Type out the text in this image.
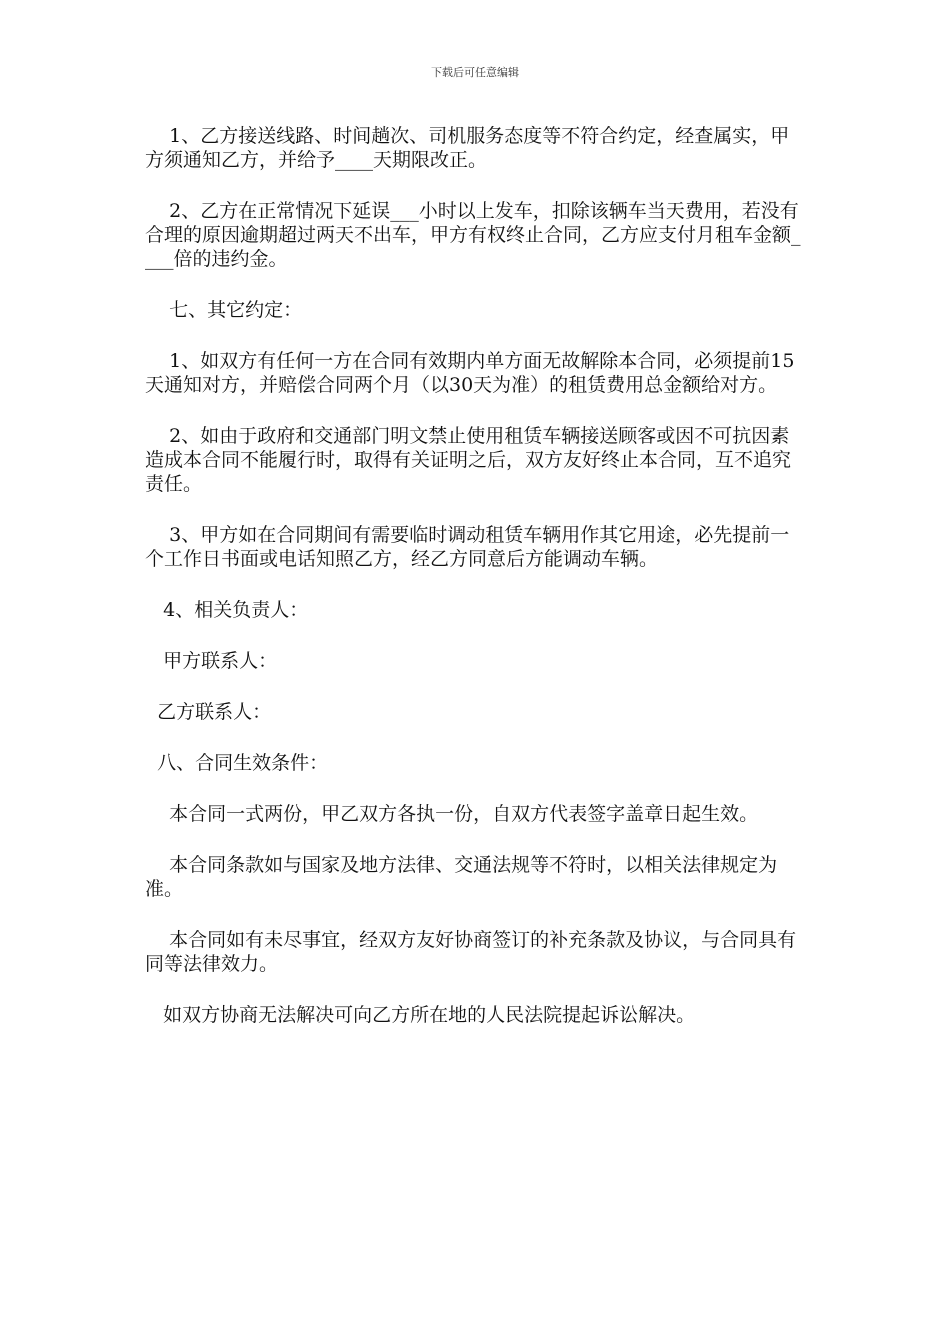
下载后可任意编辑

1、乙方接送线路、时间趟次、司机服务态度等不符合约定，经查属实，甲方须通知乙方，并给予____天期限改正。

2、乙方在正常情况下延误___小时以上发车，扣除该辆车当天费用，若没有合理的原因逾期超过两天不出车，甲方有权终止合同，乙方应支付月租车金额____倍的违约金。

七、其它约定：

1、如双方有任何一方在合同有效期内单方面无故解除本合同，必须提前15天通知对方，并赔偿合同两个月（以30天为准）的租赁费用总金额给对方。

2、如由于政府和交通部门明文禁止使用租赁车辆接送顾客或因不可抗因素造成本合同不能履行时，取得有关证明之后，双方友好终止本合同，互不追究责任。

3、甲方如在合同期间有需要临时调动租赁车辆用作其它用途，必先提前一个工作日书面或电话知照乙方，经乙方同意后方能调动车辆。

4、相关负责人：

甲方联系人：

乙方联系人：

八、合同生效条件：

本合同一式两份，甲乙双方各执一份，自双方代表签字盖章日起生效。

本合同条款如与国家及地方法律、交通法规等不符时，以相关法律规定为准。

本合同如有未尽事宜，经双方友好协商签订的补充条款及协议，与合同具有同等法律效力。

如双方协商无法解决可向乙方所在地的人民法院提起诉讼解决。
